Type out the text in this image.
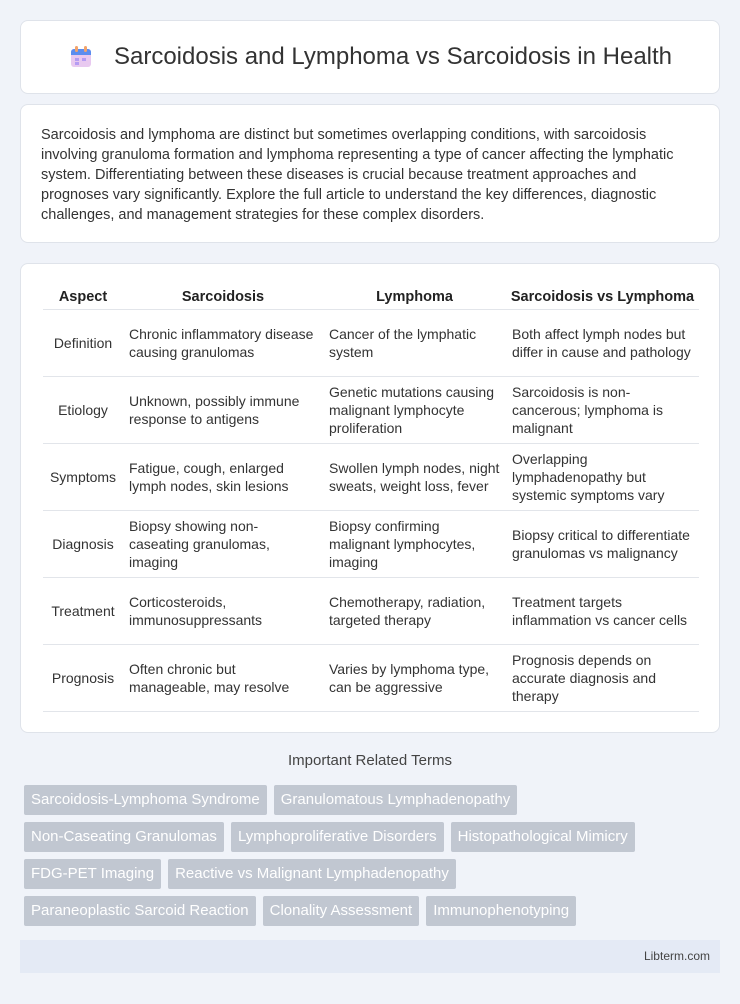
Sarcoidosis and Lymphoma vs Sarcoidosis in Health

Sarcoidosis and lymphoma are distinct but sometimes overlapping conditions, with sarcoidosis involving granuloma formation and lymphoma representing a type of cancer affecting the lymphatic system. Differentiating between these diseases is crucial because treatment approaches and prognoses vary significantly. Explore the full article to understand the key differences, diagnostic challenges, and management strategies for these complex disorders.

Aspect	Sarcoidosis	Lymphoma	Sarcoidosis vs Lymphoma
Definition	Chronic inflammatory disease causing granulomas	Cancer of the lymphatic system	Both affect lymph nodes but differ in cause and pathology
Etiology	Unknown, possibly immune response to antigens	Genetic mutations causing malignant lymphocyte proliferation	Sarcoidosis is non-cancerous; lymphoma is malignant
Symptoms	Fatigue, cough, enlarged lymph nodes, skin lesions	Swollen lymph nodes, night sweats, weight loss, fever	Overlapping lymphadenopathy but systemic symptoms vary
Diagnosis	Biopsy showing non-caseating granulomas, imaging	Biopsy confirming malignant lymphocytes, imaging	Biopsy critical to differentiate granulomas vs malignancy
Treatment	Corticosteroids, immunosuppressants	Chemotherapy, radiation, targeted therapy	Treatment targets inflammation vs cancer cells
Prognosis	Often chronic but manageable, may resolve	Varies by lymphoma type, can be aggressive	Prognosis depends on accurate diagnosis and therapy
Important Related Terms
Sarcoidosis-Lymphoma Syndrome	Granulomatous Lymphadenopathy
Non-Caseating Granulomas	Lymphoproliferative Disorders	Histopathological Mimicry
FDG-PET Imaging	Reactive vs Malignant Lymphadenopathy
Paraneoplastic Sarcoid Reaction	Clonality Assessment	Immunophenotyping
Libterm.com
